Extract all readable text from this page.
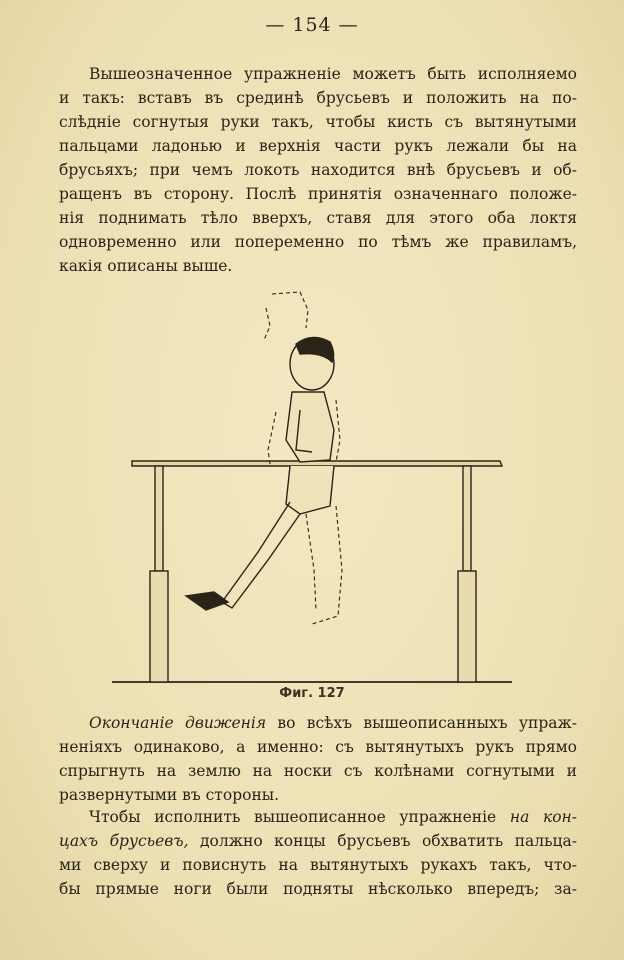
— 154 —
Вышеозначенное упражненіе можетъ быть исполняемо
и такъ: вставъ въ срединѣ брусьевъ и положить на по-
слѣдніе согнутыя руки такъ, чтобы кисть съ вытянутыми
пальцами ладонью и верхнія части рукъ лежали бы на
брусьяхъ; при чемъ локоть находится внѣ брусьевъ и об-
ращенъ въ сторону. Послѣ принятія означеннаго положе-
нія поднимать тѣло вверхъ, ставя для этого оба локтя
одновременно или попеременно по тѣмъ же правиламъ,
какія описаны выше.
Фиг. 127
Окончаніе движенія во всѣхъ вышеописанныхъ упраж-
неніяхъ одинаково, а именно: съ вытянутыхъ рукъ прямо
спрыгнуть на землю на носки съ колѣнами согнутыми и
развернутыми въ стороны.
Чтобы исполнить вышеописанное упражненіе на кон-
цахъ брусьевъ, должно концы брусьевъ обхватить пальца-
ми сверху и повиснуть на вытянутыхъ рукахъ такъ, что-
бы прямые ноги были подняты нѣсколько впередъ; за-
